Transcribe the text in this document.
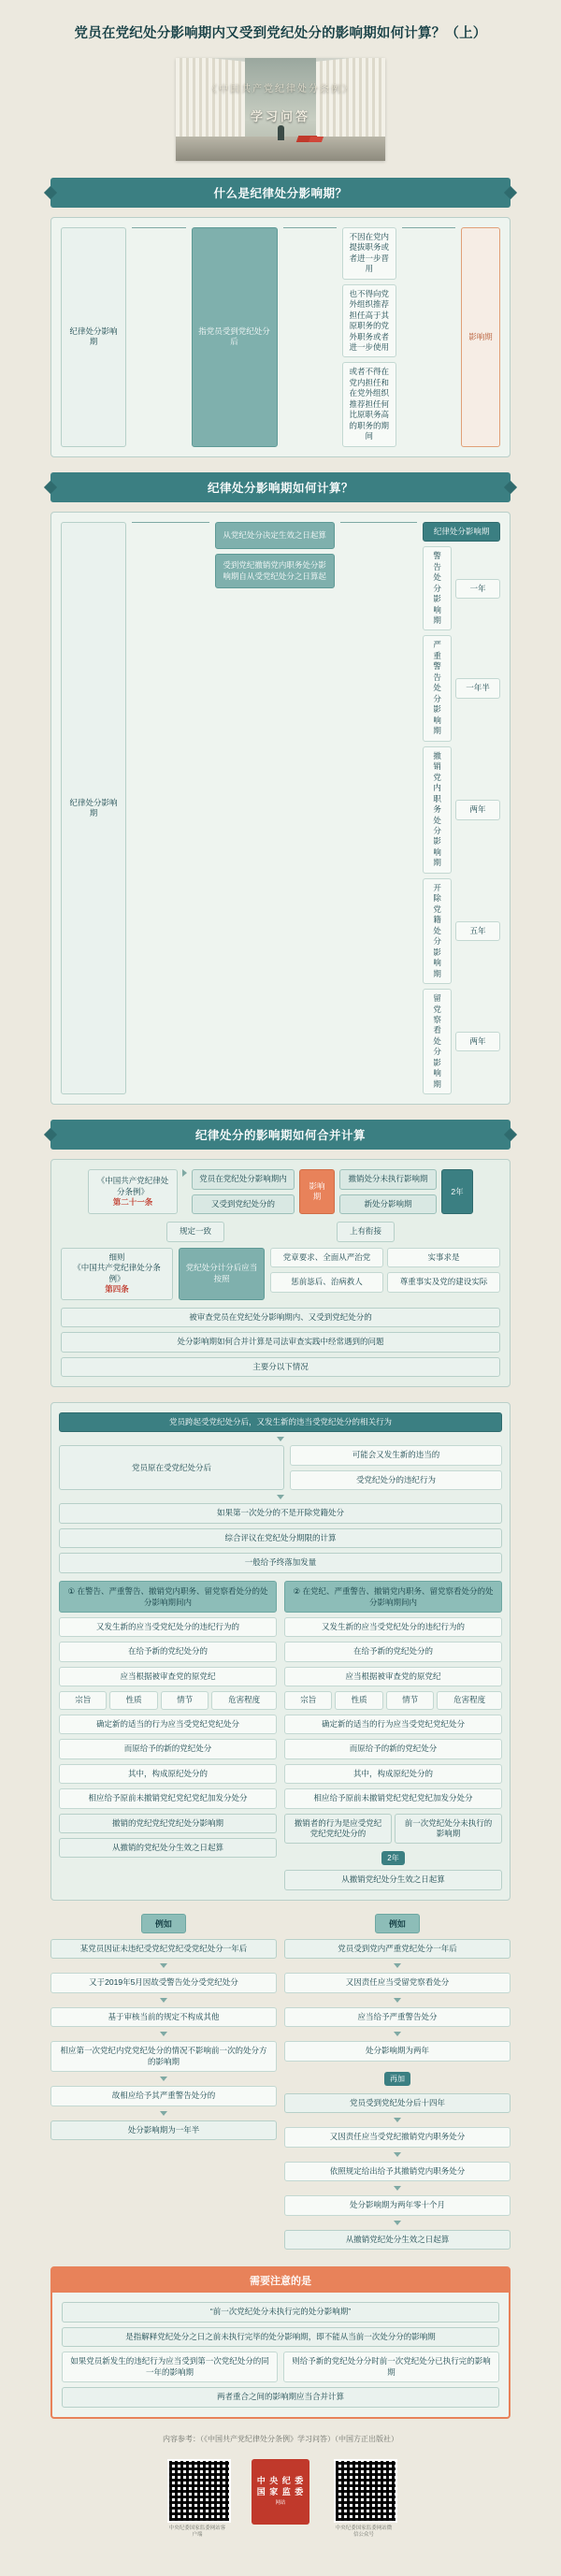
党员在党纪处分影响期内又受到党纪处分的影响期如何计算？（上）
《中国共产党纪律处分条例》
学习问答
什么是纪律处分影响期？
纪律处分影响期
指党员受到党纪处分后
不因在党内提拔职务或者进一步晋用
也不得向党外组织推荐担任高于其原职务的党外职务或者进一步使用
或者不得在党内担任和在党外组织推荐担任何比原职务高的职务的期间
影响期
纪律处分影响期如何计算？
纪律处分影响期
从党纪处分决定生效之日起算
受到党纪撤销党内职务处分影响期自从受党纪处分之日算起
纪律处分影响期
警告处分影响期
一年
严重警告处分影响期
一年半
撤销党内职务处分影响期
两年
开除党籍处分影响期
五年
留党察看处分影响期
两年
纪律处分的影响期如何合并计算
《中国共产党纪律处分条例》
第二十一条
党员在党纪处分影响期内
又受到党纪处分的
影响期
撤销处分未执行影响期
新处分影响期
2年
规定一致	上有衔接
细则
《中国共产党纪律处分条例》
第四条
党纪处分计分后应当按照
党章要求、全面从严治党	实事求是
惩前毖后、治病救人	尊重事实及党的建设实际
被审查党员在党纪处分影响期内、又受到党纪处分的
处分影响期如何合并计算是司法审查实践中经常遇到的问题
主要分以下情况
党员跨起受党纪处分后，又发生新的违当受党纪处分的相关行为
党员原在受党纪处分后
可能会又发生新的违当的
受党纪处分的违纪行为
如果第一次处分的不是开除党籍处分
综合评议在党纪处分期限的计算
一般给予终落加发量
① 在警告、严重警告、撤销党内职务、留党察看处分的处分影响期间内
又发生新的应当受党纪处分的违纪行为的
在给予新的党纪处分的
应当根据被审查党的原党纪
宗旨	性质	情节	危害程度
确定新的适当的行为应当受党纪党纪处分
而原给予的新的党纪处分
其中，构成原纪处分的
相应给予原前未撤销党纪党纪党纪加发分处分
撤销的党纪党纪党纪处分影响期
从撤销的党纪处分生效之日起算
② 在党纪、严重警告、撤销党内职务、留党察看处分的处分影响期间内
又发生新的应当受党纪处分的违纪行为的
在给予新的党纪处分的
应当根据被审查党的原党纪
宗旨	性质	情节	危害程度
确定新的适当的行为应当受党纪党纪处分
而原给予的新的党纪处分
其中，构成原纪处分的
相应给予原前未撤销党纪党纪党纪加发分处分
撤销者的行为是应受党纪党纪党纪处分的
前一次党纪处分未执行的影响期
2年
从撤销党纪处分生效之日起算
例如
某党员因证未违纪受党纪党纪受党纪处分一年后
又于2019年5月因故受警告处分受党纪处分
基于审核当前的规定不构成其他
相应第一次党纪内党党纪处分的情况不影响前一次的处分方的影响期
故相应给予其严重警告处分的
处分影响期为一年半
例如
党员受到党内严重党纪处分一年后
又因责任应当受留党察看处分
应当给予严重警告处分
处分影响期为两年
再加
党员受到党纪处分后十四年
又因责任应当受党纪撤销党内职务处分
依照规定给出给予其撤销党内职务处分
处分影响期为两年零十个月
从撤销党纪处分生效之日起算
需要注意的是
“前一次党纪处分未执行完的处分影响期”
是指解释党纪处分之日之前未执行完毕的处分影响期，即不能从当前一次处分分的影响期
如果党员新发生的违纪行为应当受到第一次党纪处分的同一年的影响期
则给予新的党纪处分分时前一次党纪处分已执行完的影响期
两者重合之间的影响期应当合并计算
内容参考：（《中国共产党纪律处分条例》学习问答）（中国方正出版社）
中央纪委国家监委网站客户端
中 央 纪 委
国 家 监 委
网站
中央纪委国家监委网站微信公众号
